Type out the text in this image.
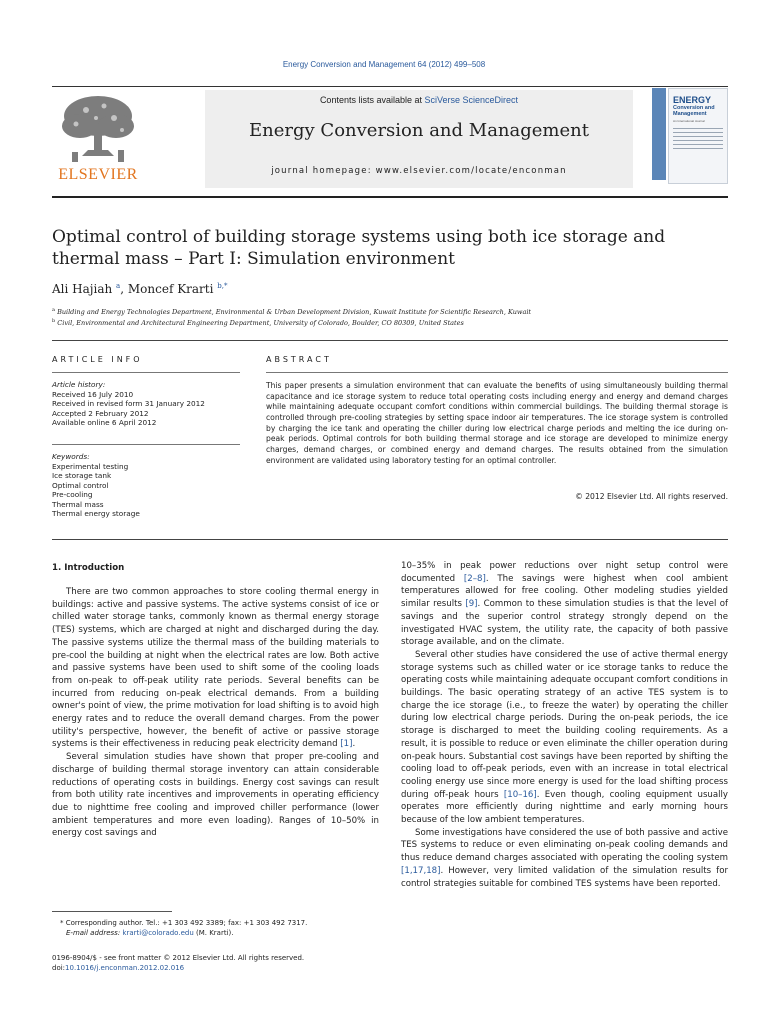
Energy Conversion and Management 64 (2012) 499–508
ELSEVIER
Contents lists available at SciVerse ScienceDirect
Energy Conversion and Management
journal homepage: www.elsevier.com/locate/enconman
ENERGY
Conversion and
Management
An International Journal
Optimal control of building storage systems using both ice storage and thermal mass – Part I: Simulation environment
Ali Hajiah $^a$, Moncef Krarti $^{b,*}$
$^a$ Building and Energy Technologies Department, Environmental & Urban Development Division, Kuwait Institute for Scientific Research, Kuwait
$^b$ Civil, Environmental and Architectural Engineering Department, University of Colorado, Boulder, CO 80309, United States
ARTICLE INFO
Article history:
Received 16 July 2010
Received in revised form 31 January 2012
Accepted 2 February 2012
Available online 6 April 2012
Keywords:
Experimental testing
Ice storage tank
Optimal control
Pre-cooling
Thermal mass
Thermal energy storage
ABSTRACT
This paper presents a simulation environment that can evaluate the benefits of using simultaneously building thermal capacitance and ice storage system to reduce total operating costs including energy and energy and demand charges while maintaining adequate occupant comfort conditions within commercial buildings. The building thermal storage is controlled through pre-cooling strategies by setting space indoor air temperatures. The ice storage system is controlled by charging the ice tank and operating the chiller during low electrical charge periods and melting the ice during on-peak periods. Optimal controls for both building thermal storage and ice storage are developed to minimize energy charges, demand charges, or combined energy and demand charges. The results obtained from the simulation environment are validated using laboratory testing for an optimal controller.
© 2012 Elsevier Ltd. All rights reserved.
1. Introduction

There are two common approaches to store cooling thermal energy in buildings: active and passive systems. The active systems consist of ice or chilled water storage tanks, commonly known as thermal energy storage (TES) systems, which are charged at night and discharged during the day. The passive systems utilize the thermal mass of the building materials to pre-cool the building at night when the electrical rates are low. Both active and passive systems have been used to shift some of the cooling loads from on-peak to off-peak utility rate periods. Several benefits can be incurred from reducing on-peak electrical demands. From a building owner's point of view, the prime motivation for load shifting is to avoid high energy rates and to reduce the overall demand charges. From the power utility's perspective, however, the benefit of active or passive storage systems is their effectiveness in reducing peak electricity demand [1].

Several simulation studies have shown that proper pre-cooling and discharge of building thermal storage inventory can attain considerable reductions of operating costs in buildings. Energy cost savings can result from both utility rate incentives and improvements in operating efficiency due to nighttime free cooling and improved chiller performance (lower ambient temperatures and more even loading). Ranges of 10–50% in energy cost savings and

10–35% in peak power reductions over night setup control were documented [2–8]. The savings were highest when cool ambient temperatures allowed for free cooling. Other modeling studies yielded similar results [9]. Common to these simulation studies is that the level of savings and the superior control strategy strongly depend on the investigated HVAC system, the utility rate, the capacity of both passive storage available, and on the climate.

Several other studies have considered the use of active thermal energy storage systems such as chilled water or ice storage tanks to reduce the operating costs while maintaining adequate occupant comfort conditions in buildings. The basic operating strategy of an active TES system is to charge the ice storage (i.e., to freeze the water) by operating the chiller during low electrical charge periods. During the on-peak periods, the ice storage is discharged to meet the building cooling requirements. As a result, it is possible to reduce or even eliminate the chiller operation during on-peak hours. Substantial cost savings have been reported by shifting the cooling load to off-peak periods, even with an increase in total electrical cooling energy use since more energy is used for the load shifting process during off-peak hours [10–16]. Even though, cooling equipment usually operates more efficiently during nighttime and early morning hours because of the low ambient temperatures.

Some investigations have considered the use of both passive and active TES systems to reduce or even eliminating on-peak cooling demands and thus reduce demand charges associated with operating the cooling system [1,17,18]. However, very limited validation of the simulation results for control strategies suitable for combined TES systems have been reported.

* Corresponding author. Tel.: +1 303 492 3389; fax: +1 303 492 7317.
E-mail address: krarti@colorado.edu (M. Krarti).
0196-8904/$ - see front matter © 2012 Elsevier Ltd. All rights reserved.
doi:10.1016/j.enconman.2012.02.016
